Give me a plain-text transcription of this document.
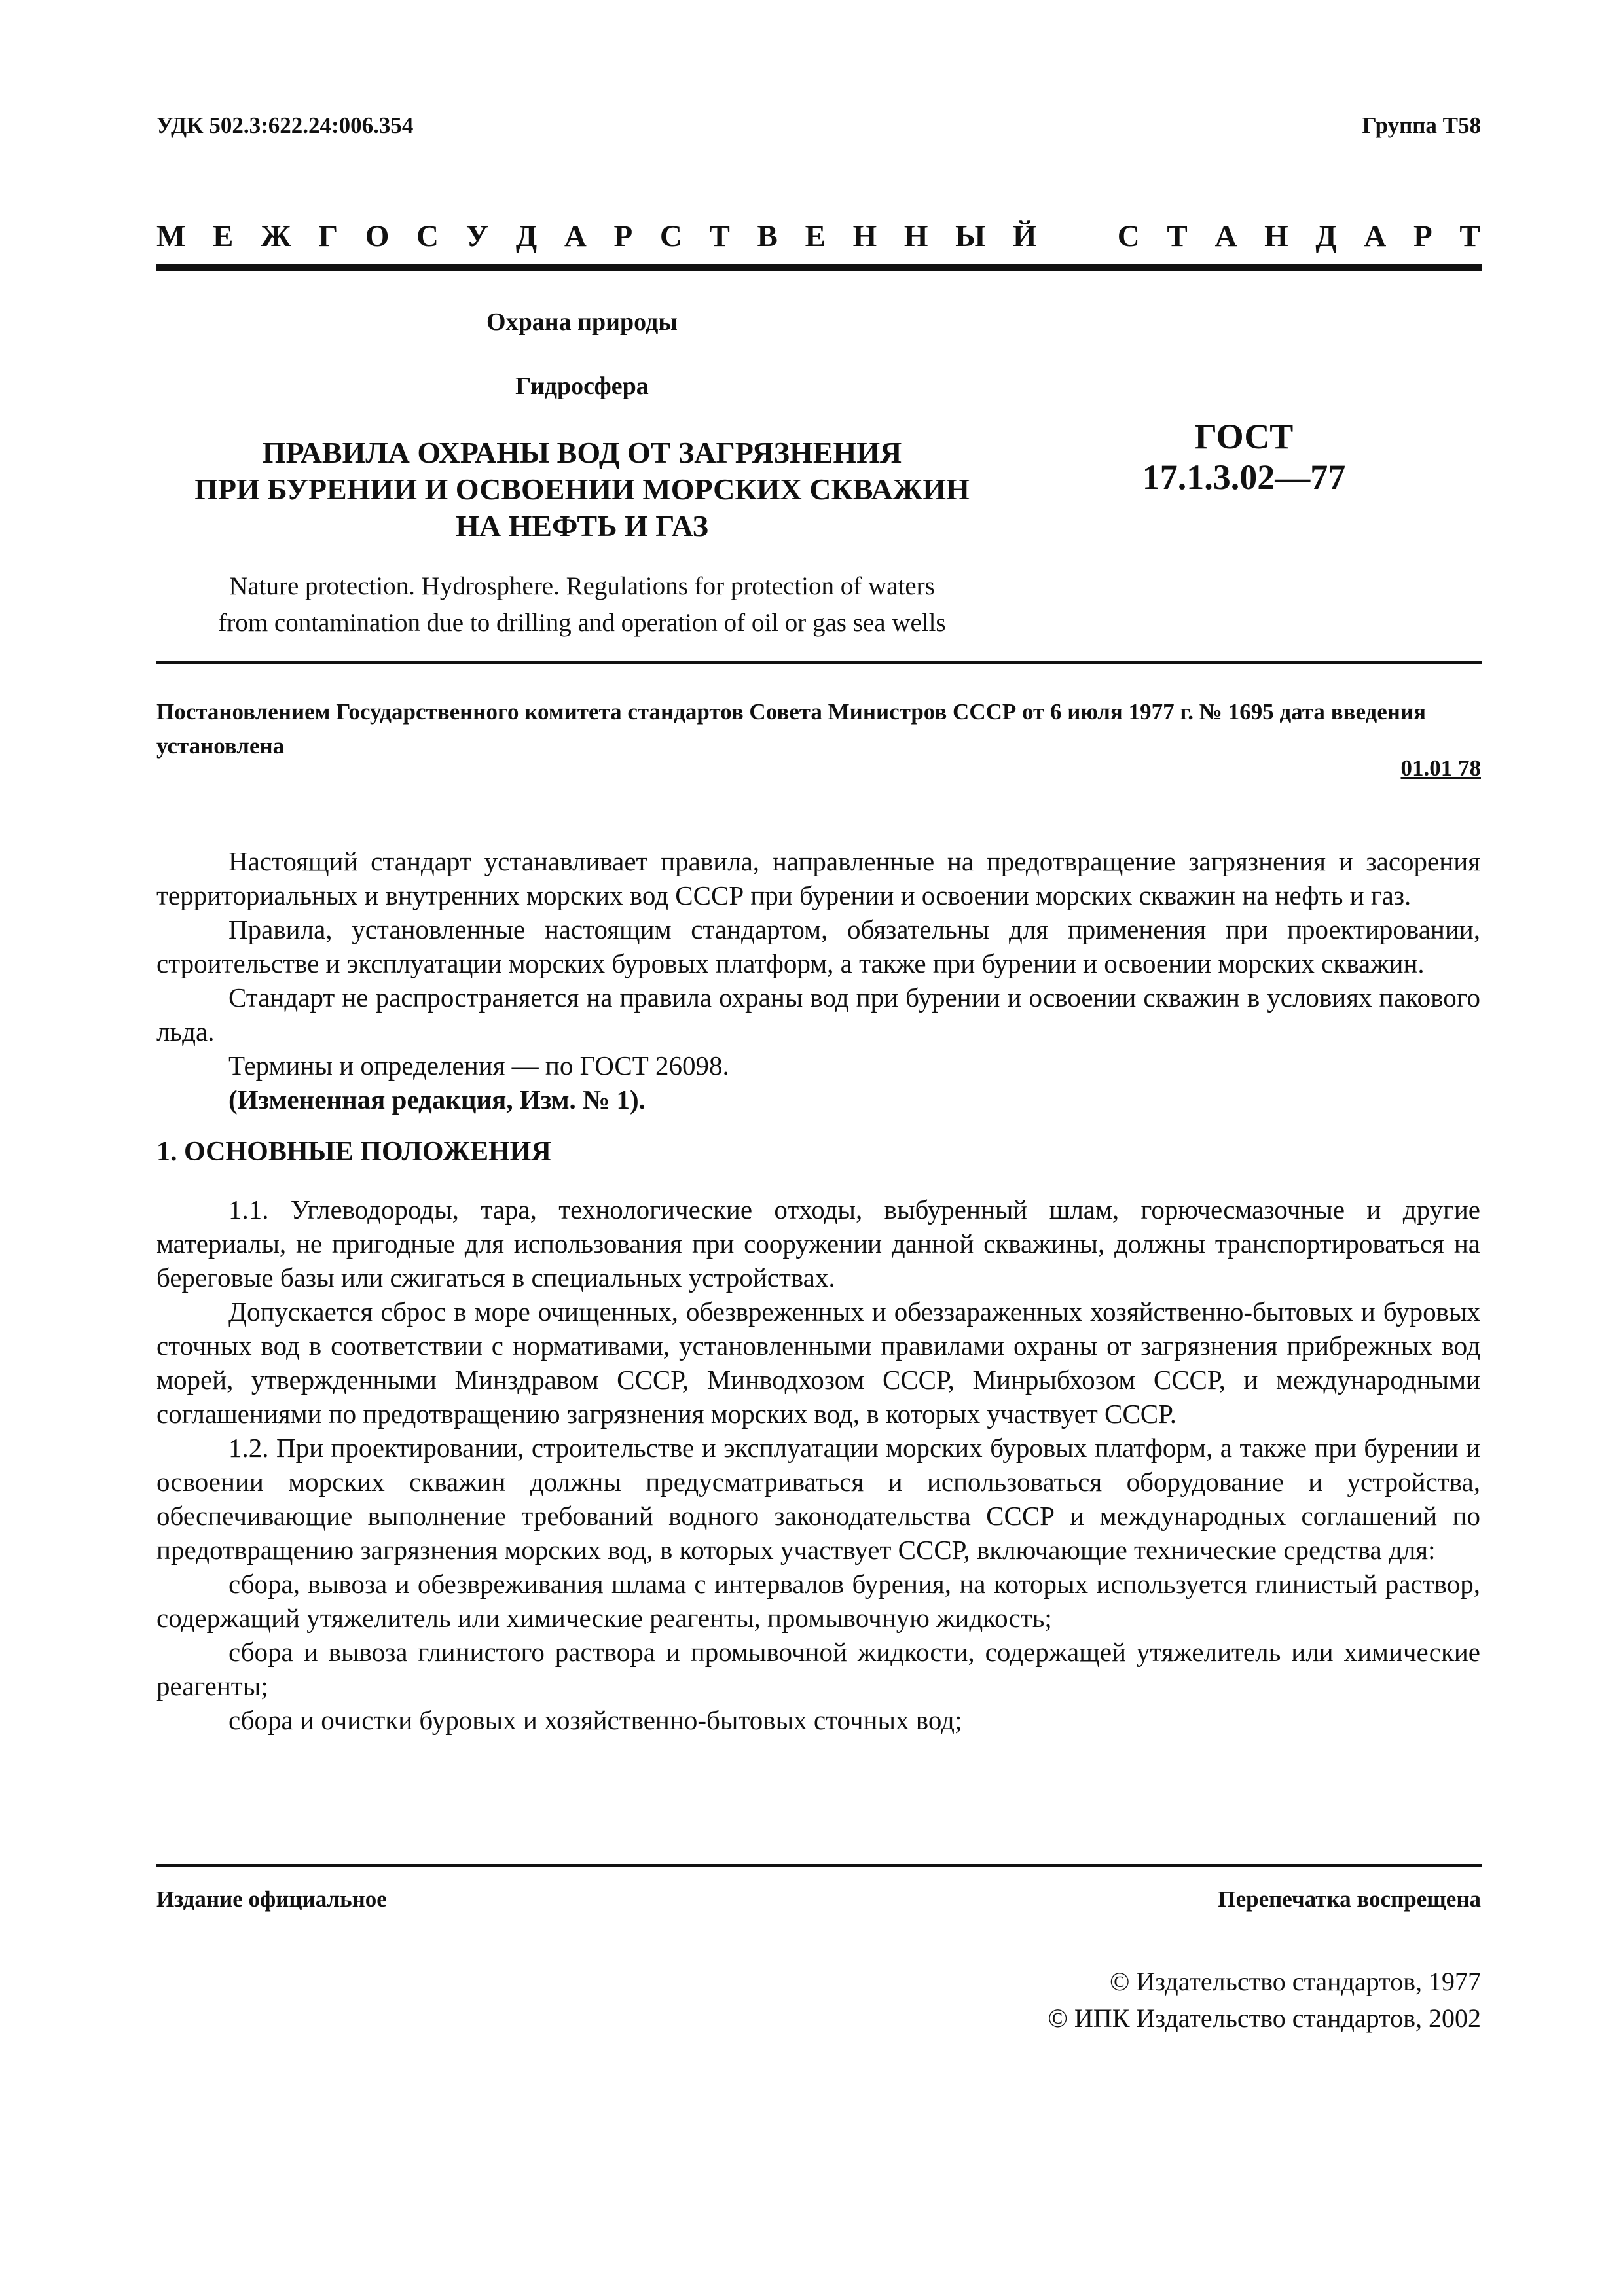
УДК 502.3:622.24:006.354	Группа Т58
М Е Ж Г О С У Д А Р С Т В Е Н Н Ы Й	С Т А Н Д А Р Т
Охрана природы
Гидросфера
ПРАВИЛА ОХРАНЫ ВОД ОТ ЗАГРЯЗНЕНИЯ
ПРИ БУРЕНИИ И ОСВОЕНИИ МОРСКИХ СКВАЖИН
НА НЕФТЬ И ГАЗ
ГОСТ
17.1.3.02—77
Nature protection. Hydrosphere. Regulations for protection of waters
from contamination due to drilling and operation of oil or gas sea wells
Постановлением Государственного комитета стандартов Совета Министров СССР от 6 июля 1977 г. № 1695 дата введения установлена
01.01 78

Настоящий стандарт устанавливает правила, направленные на предотвращение загрязнения и засорения территориальных и внутренних морских вод СССР при бурении и освоении морских скважин на нефть и газ.

Правила, установленные настоящим стандартом, обязательны для применения при проектировании, строительстве и эксплуатации морских буровых платформ, а также при бурении и освоении морских скважин.

Стандарт не распространяется на правила охраны вод при бурении и освоении скважин в условиях пакового льда.

Термины и определения — по ГОСТ 26098.

(Измененная редакция, Изм. № 1).

1. ОСНОВНЫЕ ПОЛОЖЕНИЯ

1.1. Углеводороды, тара, технологические отходы, выбуренный шлам, горючесмазочные и другие материалы, не пригодные для использования при сооружении данной скважины, должны транспортироваться на береговые базы или сжигаться в специальных устройствах.

Допускается сброс в море очищенных, обезвреженных и обеззараженных хозяйственно-бытовых и буровых сточных вод в соответствии с нормативами, установленными правилами охраны от загрязнения прибрежных вод морей, утвержденными Минздравом СССР, Минводхозом СССР, Минрыбхозом СССР, и международными соглашениями по предотвращению загрязнения морских вод, в которых участвует СССР.

1.2. При проектировании, строительстве и эксплуатации морских буровых платформ, а также при бурении и освоении морских скважин должны предусматриваться и использоваться оборудование и устройства, обеспечивающие выполнение требований водного законодательства СССР и международных соглашений по предотвращению загрязнения морских вод, в которых участвует СССР, включающие технические средства для:

сбора, вывоза и обезвреживания шлама с интервалов бурения, на которых используется глинистый раствор, содержащий утяжелитель или химические реагенты, промывочную жидкость;

сбора и вывоза глинистого раствора и промывочной жидкости, содержащей утяжелитель или химические реагенты;

сбора и очистки буровых и хозяйственно-бытовых сточных вод;

Издание официальное	Перепечатка воспрещена
© Издательство стандартов, 1977
© ИПК Издательство стандартов, 2002
